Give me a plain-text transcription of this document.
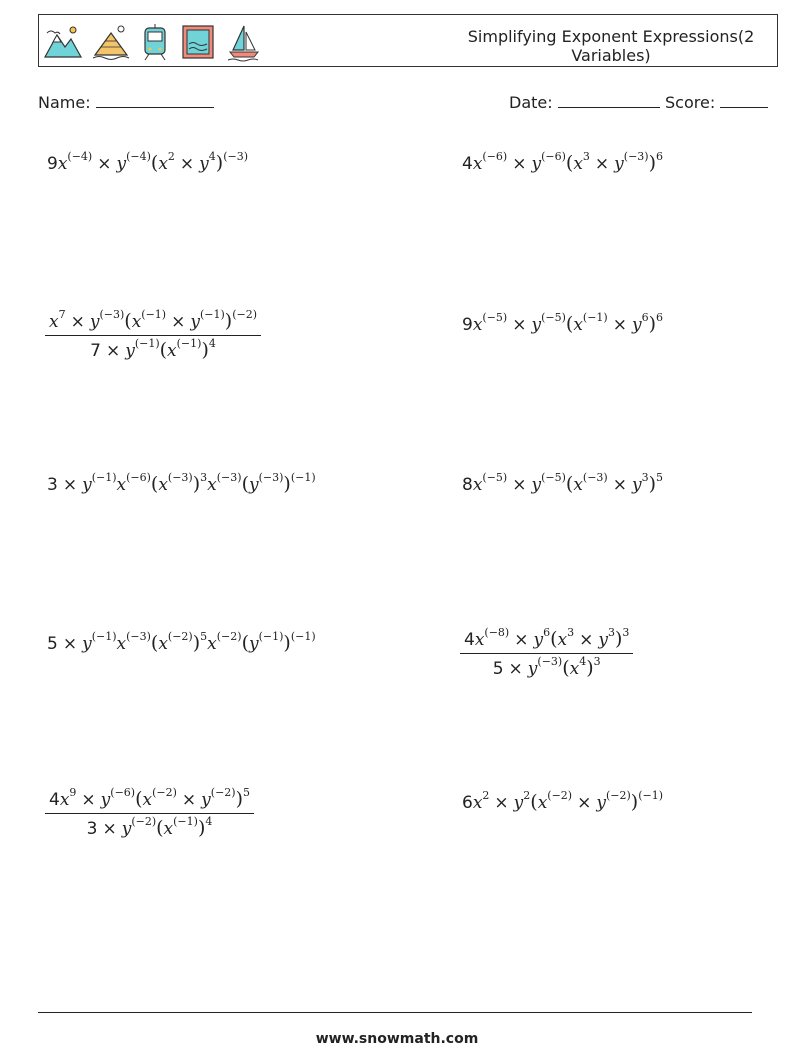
Simplifying Exponent Expressions(2 Variables)
Name:	Date:	Score:
$9x^{(-4)} \times y^{(-4)}(x^2 \times y^4)^{(-3)}$	$4x^{(-6)} \times y^{(-6)}(x^3 \times y^{(-3)})^6$
$\frac{x^7 \times y^{(-3)}(x^{(-1)} \times y^{(-1)})^{(-2)}}{7 \times y^{(-1)}(x^{(-1)})^4}$	$9x^{(-5)} \times y^{(-5)}(x^{(-1)} \times y^6)^6$
$3 \times y^{(-1)}x^{(-6)}(x^{(-3)})^3x^{(-3)}(y^{(-3)})^{(-1)}$	$8x^{(-5)} \times y^{(-5)}(x^{(-3)} \times y^3)^5$
$5 \times y^{(-1)}x^{(-3)}(x^{(-2)})^5x^{(-2)}(y^{(-1)})^{(-1)}$	$\frac{4x^{(-8)} \times y^6(x^3 \times y^3)^3}{5 \times y^{(-3)}(x^4)^3}$
$\frac{4x^9 \times y^{(-6)}(x^{(-2)} \times y^{(-2)})^5}{3 \times y^{(-2)}(x^{(-1)})^4}$	$6x^2 \times y^2(x^{(-2)} \times y^{(-2)})^{(-1)}$
www.snowmath.com
